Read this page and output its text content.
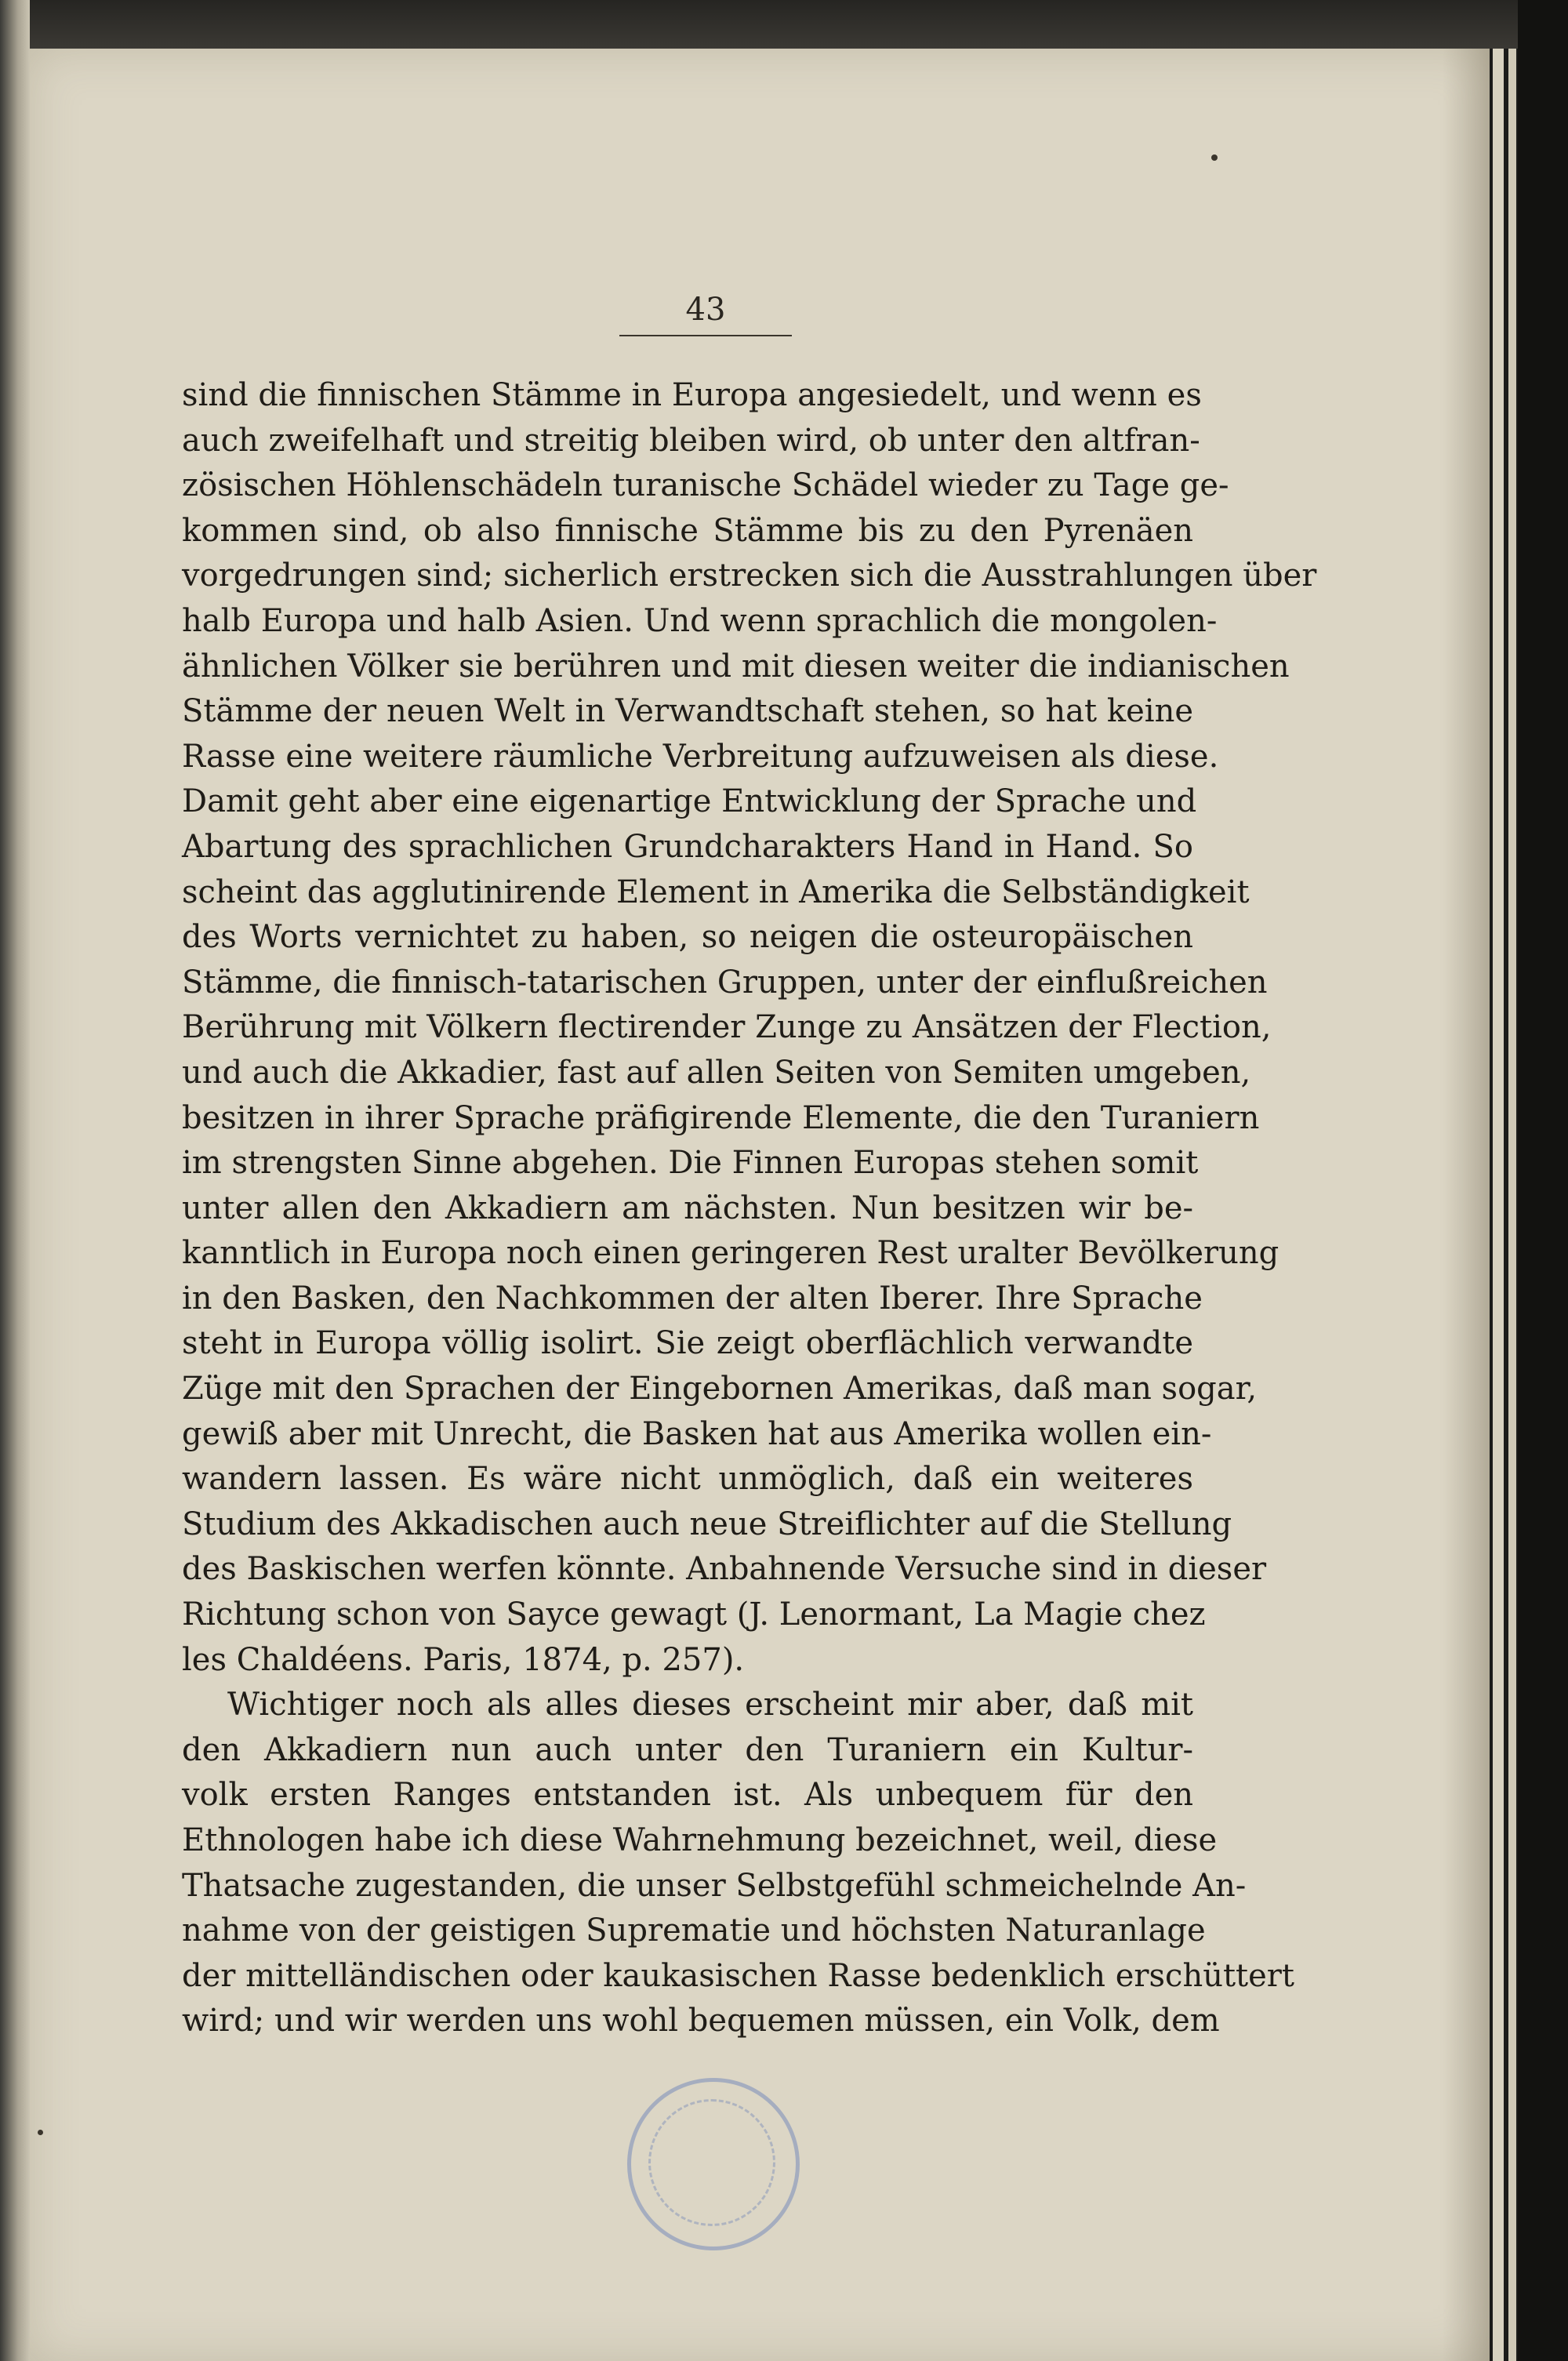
43
sind die finnischen Stämme in Europa angesiedelt, und wenn es
auch zweifelhaft und streitig bleiben wird, ob unter den altfran-
zösischen Höhlenschädeln turanische Schädel wieder zu Tage ge-
kommen sind, ob also finnische Stämme bis zu den Pyrenäen
vorgedrungen sind; sicherlich erstrecken sich die Ausstrahlungen über
halb Europa und halb Asien. Und wenn sprachlich die mongolen-
ähnlichen Völker sie berühren und mit diesen weiter die indianischen
Stämme der neuen Welt in Verwandtschaft stehen, so hat keine
Rasse eine weitere räumliche Verbreitung aufzuweisen als diese.
Damit geht aber eine eigenartige Entwicklung der Sprache und
Abartung des sprachlichen Grundcharakters Hand in Hand. So
scheint das agglutinirende Element in Amerika die Selbständigkeit
des Worts vernichtet zu haben, so neigen die osteuropäischen
Stämme, die finnisch-tatarischen Gruppen, unter der einflußreichen
Berührung mit Völkern flectirender Zunge zu Ansätzen der Flection,
und auch die Akkadier, fast auf allen Seiten von Semiten umgeben,
besitzen in ihrer Sprache präfigirende Elemente, die den Turaniern
im strengsten Sinne abgehen. Die Finnen Europas stehen somit
unter allen den Akkadiern am nächsten. Nun besitzen wir be-
kanntlich in Europa noch einen geringeren Rest uralter Bevölkerung
in den Basken, den Nachkommen der alten Iberer. Ihre Sprache
steht in Europa völlig isolirt. Sie zeigt oberflächlich verwandte
Züge mit den Sprachen der Eingebornen Amerikas, daß man sogar,
gewiß aber mit Unrecht, die Basken hat aus Amerika wollen ein-
wandern lassen. Es wäre nicht unmöglich, daß ein weiteres
Studium des Akkadischen auch neue Streiflichter auf die Stellung
des Baskischen werfen könnte. Anbahnende Versuche sind in dieser
Richtung schon von Sayce gewagt (J. Lenormant, La Magie chez
les Chaldéens. Paris, 1874, p. 257).
Wichtiger noch als alles dieses erscheint mir aber, daß mit
den Akkadiern nun auch unter den Turaniern ein Kultur-
volk ersten Ranges entstanden ist. Als unbequem für den
Ethnologen habe ich diese Wahrnehmung bezeichnet, weil, diese
Thatsache zugestanden, die unser Selbstgefühl schmeichelnde An-
nahme von der geistigen Suprematie und höchsten Naturanlage
der mittelländischen oder kaukasischen Rasse bedenklich erschüttert
wird; und wir werden uns wohl bequemen müssen, ein Volk, dem
